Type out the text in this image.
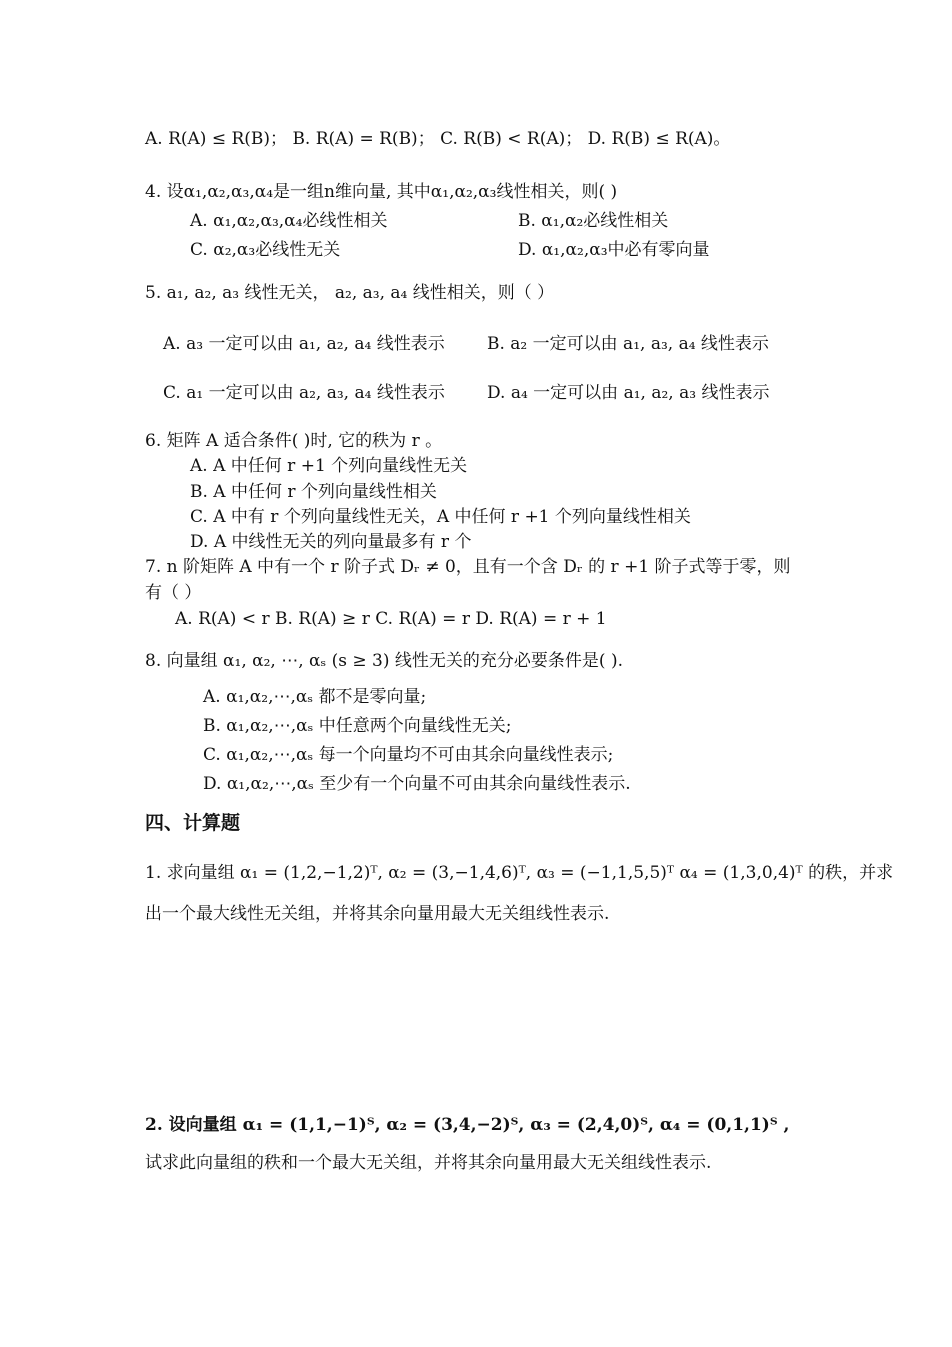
A. R(A) ≤ R(B)； B. R(A) = R(B)； C. R(B) < R(A)； D. R(B) ≤ R(A)。
4. 设α₁,α₂,α₃,α₄是一组n维向量, 其中α₁,α₂,α₃线性相关，则( )
A. α₁,α₂,α₃,α₄必线性相关	B. α₁,α₂必线性相关
C. α₂,α₃必线性无关	D. α₁,α₂,α₃中必有零向量
5. a₁, a₂, a₃ 线性无关， a₂, a₃, a₄ 线性相关，则（ ）
A. a₃ 一定可以由 a₁, a₂, a₄ 线性表示 B. a₂ 一定可以由 a₁, a₃, a₄ 线性表示
C. a₁ 一定可以由 a₂, a₃, a₄ 线性表示 D. a₄ 一定可以由 a₁, a₂, a₃ 线性表示
6. 矩阵 A 适合条件( )时, 它的秩为 r 。
A. A 中任何 r +1 个列向量线性无关
B. A 中任何 r 个列向量线性相关
C. A 中有 r 个列向量线性无关，A 中任何 r +1 个列向量线性相关
D. A 中线性无关的列向量最多有 r 个
7. n 阶矩阵 A 中有一个 r 阶子式 Dᵣ ≠ 0，且有一个含 Dᵣ 的 r +1 阶子式等于零，则
有（ ）
A. R(A) < r B. R(A) ≥ r C. R(A) = r D. R(A) = r + 1
8. 向量组 α₁, α₂, ⋯, αₛ (s ≥ 3) 线性无关的充分必要条件是( ).
A. α₁,α₂,⋯,αₛ 都不是零向量;
B. α₁,α₂,⋯,αₛ 中任意两个向量线性无关;
C. α₁,α₂,⋯,αₛ 每一个向量均不可由其余向量线性表示;
D. α₁,α₂,⋯,αₛ 至少有一个向量不可由其余向量线性表示.
四、计算题
1. 求向量组 α₁ = (1,2,−1,2)ᵀ, α₂ = (3,−1,4,6)ᵀ, α₃ = (−1,1,5,5)ᵀ α₄ = (1,3,0,4)ᵀ 的秩，并求
出一个最大线性无关组，并将其余向量用最大无关组线性表示.
2. 设向量组 α₁ = (1,1,−1)ᵀ, α₂ = (3,4,−2)ᵀ, α₃ = (2,4,0)ᵀ, α₄ = (0,1,1)ᵀ ,
试求此向量组的秩和一个最大无关组，并将其余向量用最大无关组线性表示.
